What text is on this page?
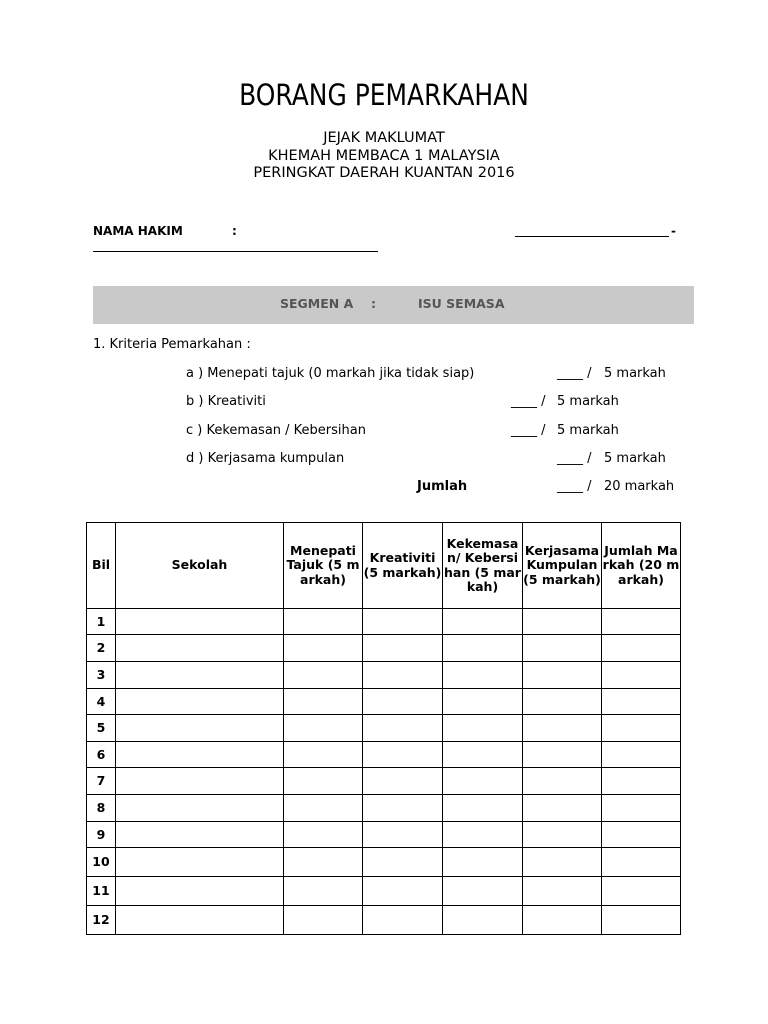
BORANG PEMARKAHAN
JEJAK MAKLUMAT
KHEMAH MEMBACA 1 MALAYSIA
PERINGKAT DAERAH KUANTAN 2016
NAMA HAKIM	:	-
SEGMEN A :	ISU SEMASA
1. Kriteria Pemarkahan :
a ) Menepati tajuk (0 markah jika tidak siap)	____ / 5 markah
b ) Kreativiti	____ / 5 markah
c ) Kekemasan / Kebersihan	____ / 5 markah
d ) Kerjasama kumpulan	____ / 5 markah
Jumlah	____ / 20 markah
Bil	Sekolah	Menepati Tajuk (5 markah)	Kreativiti (5 markah)	Kekemasan/ Kebersihan (5 markah)	Kerjasama Kumpulan (5 markah)	Jumlah Markah (20 markah)
1						
2						
3						
4						
5						
6						
7						
8						
9						
10						
11						
12						
